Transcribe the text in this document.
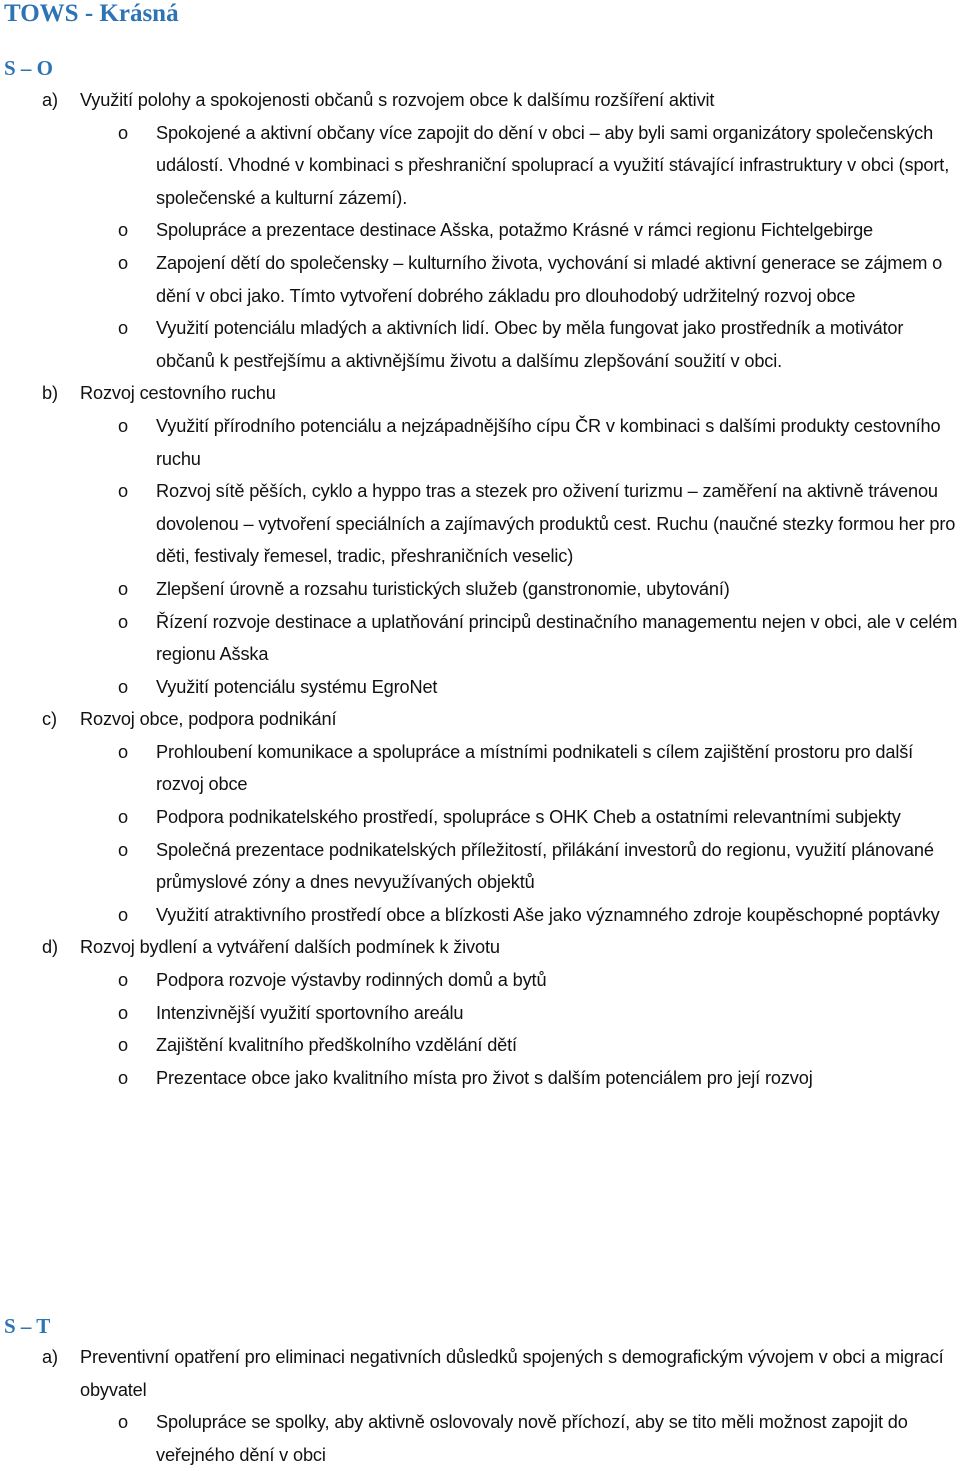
TOWS - Krásná
S – O
a) Využití polohy a spokojenosti občanů s rozvojem obce k dalšímu rozšíření aktivit
o Spokojené a aktivní občany více zapojit do dění v obci – aby byli sami organizátory společenských událostí. Vhodné v kombinaci s přeshraniční spoluprací a využití stávající infrastruktury v obci (sport, společenské a kulturní zázemí).
o Spolupráce a prezentace destinace Ašska, potažmo Krásné v rámci regionu Fichtelgebirge
o Zapojení dětí do společensky – kulturního života, vychování si mladé aktivní generace se zájmem o dění v obci jako. Tímto vytvoření dobrého základu pro dlouhodobý udržitelný rozvoj obce
o Využití potenciálu mladých a aktivních lidí. Obec by měla fungovat jako prostředník a motivátor občanů k pestřejšímu a aktivnějšímu životu a dalšímu zlepšování soužití v obci.
b) Rozvoj cestovního ruchu
o Využití přírodního potenciálu a nejzápadnějšího cípu ČR v kombinaci s dalšími produkty cestovního ruchu
o Rozvoj sítě pěších, cyklo a hyppo tras a stezek pro oživení turizmu – zaměření na aktivně trávenou dovolenou – vytvoření speciálních a zajímavých produktů cest. Ruchu (naučné stezky formou her pro děti, festivaly řemesel, tradic, přeshraničních veselic)
o Zlepšení úrovně a rozsahu turistických služeb (ganstronomie, ubytování)
o Řízení rozvoje destinace a uplatňování principů destinačního managementu nejen v obci, ale v celém regionu Ašska
o Využití potenciálu systému EgroNet
c) Rozvoj obce, podpora podnikání
o Prohloubení komunikace a spolupráce a místními podnikateli s cílem zajištění prostoru pro další rozvoj obce
o Podpora podnikatelského prostředí, spolupráce s OHK Cheb a ostatními relevantními subjekty
o Společná prezentace podnikatelských příležitostí, přilákání investorů do regionu, využití plánované průmyslové zóny a dnes nevyužívaných objektů
o Využití atraktivního prostředí obce a blízkosti Aše jako významného zdroje koupěschopné poptávky
d) Rozvoj bydlení a vytváření dalších podmínek k životu
o Podpora rozvoje výstavby rodinných domů a bytů
o Intenzivnější využití sportovního areálu
o Zajištění kvalitního předškolního vzdělání dětí
o Prezentace obce jako kvalitního místa pro život s dalším potenciálem pro její rozvoj
S – T
a) Preventivní opatření pro eliminaci negativních důsledků spojených s demografickým vývojem v obci a migrací obyvatel
o Spolupráce se spolky, aby aktivně oslovovaly nově příchozí, aby se tito měli možnost zapojit do veřejného dění v obci
